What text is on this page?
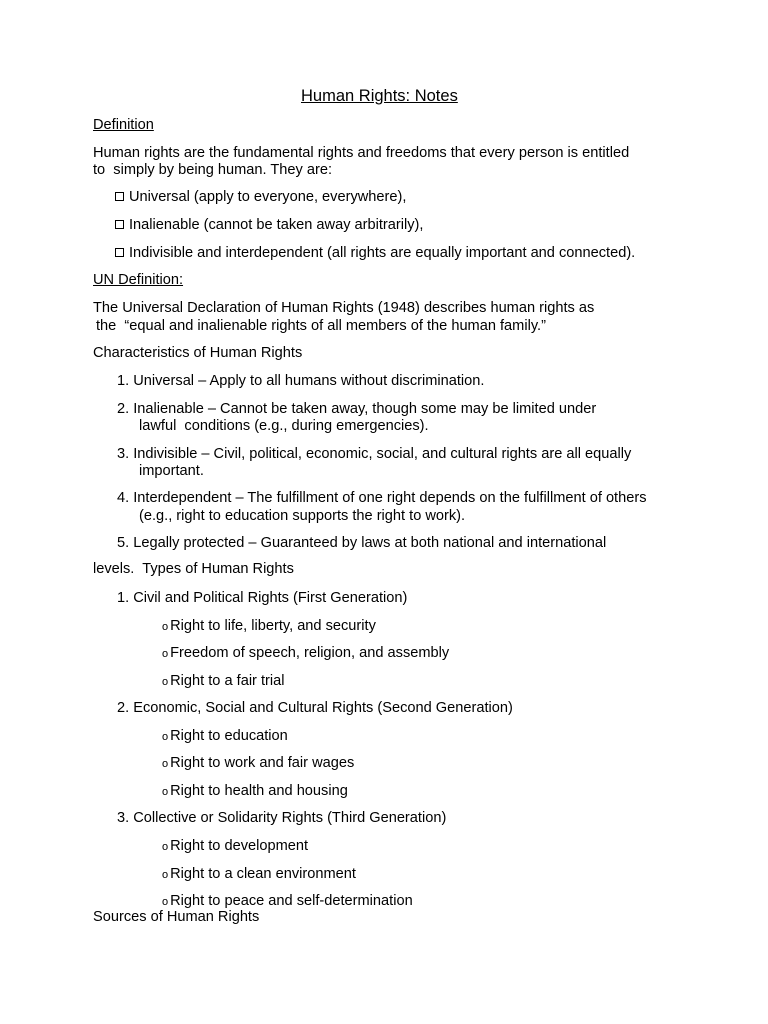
Human Rights: Notes
Definition
Human rights are the fundamental rights and freedoms that every person is entitled
to  simply by being human. They are:
Universal (apply to everyone, everywhere),
Inalienable (cannot be taken away arbitrarily),
Indivisible and interdependent (all rights are equally important and connected).
UN Definition:
The Universal Declaration of Human Rights (1948) describes human rights as
the  “equal and inalienable rights of all members of the human family.”
Characteristics of Human Rights
1. Universal – Apply to all humans without discrimination.
2. Inalienable – Cannot be taken away, though some may be limited under
lawful  conditions (e.g., during emergencies).
3. Indivisible – Civil, political, economic, social, and cultural rights are all equally
important.
4. Interdependent – The fulfillment of one right depends on the fulfillment of others
(e.g., right to education supports the right to work).
5. Legally protected – Guaranteed by laws at both national and international
levels.  Types of Human Rights
1. Civil and Political Rights (First Generation)
o Right to life, liberty, and security
o Freedom of speech, religion, and assembly
o Right to a fair trial
2. Economic, Social and Cultural Rights (Second Generation)
o Right to education
o Right to work and fair wages
o Right to health and housing
3. Collective or Solidarity Rights (Third Generation)
o Right to development
o Right to a clean environment
o Right to peace and self-determination
Sources of Human Rights
